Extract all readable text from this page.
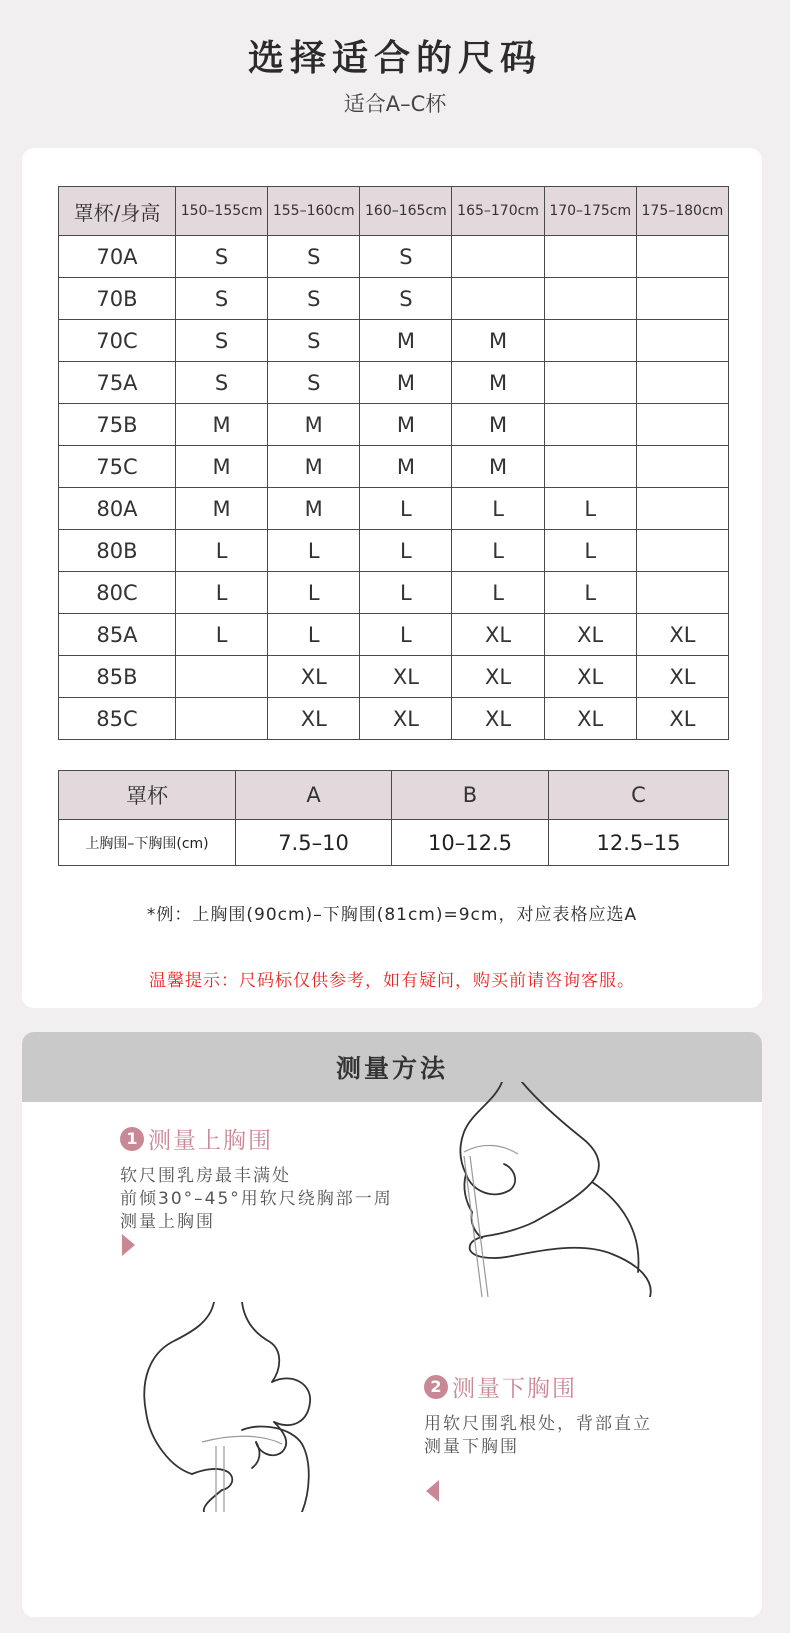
选择适合的尺码
适合A–C杯
罩杯/身高	150–155cm	155–160cm	160–165cm	165–170cm	170–175cm	175–180cm
70A	S	S	S			
70B	S	S	S			
70C	S	S	M	M		
75A	S	S	M	M		
75B	M	M	M	M		
75C	M	M	M	M		
80A	M	M	L	L	L	
80B	L	L	L	L	L	
80C	L	L	L	L	L	
85A	L	L	L	XL	XL	XL
85B		XL	XL	XL	XL	XL
85C		XL	XL	XL	XL	XL
罩杯	A	B	C
上胸围–下胸围(cm)	7.5–10	10–12.5	12.5–15
*例：上胸围(90cm)–下胸围(81cm)=9cm，对应表格应选A
温馨提示：尺码标仅供参考，如有疑问，购买前请咨询客服。
测量方法
1 测量上胸围
软尺围乳房最丰满处
前倾30°–45°用软尺绕胸部一周
测量上胸围
2 测量下胸围
用软尺围乳根处，背部直立
测量下胸围
